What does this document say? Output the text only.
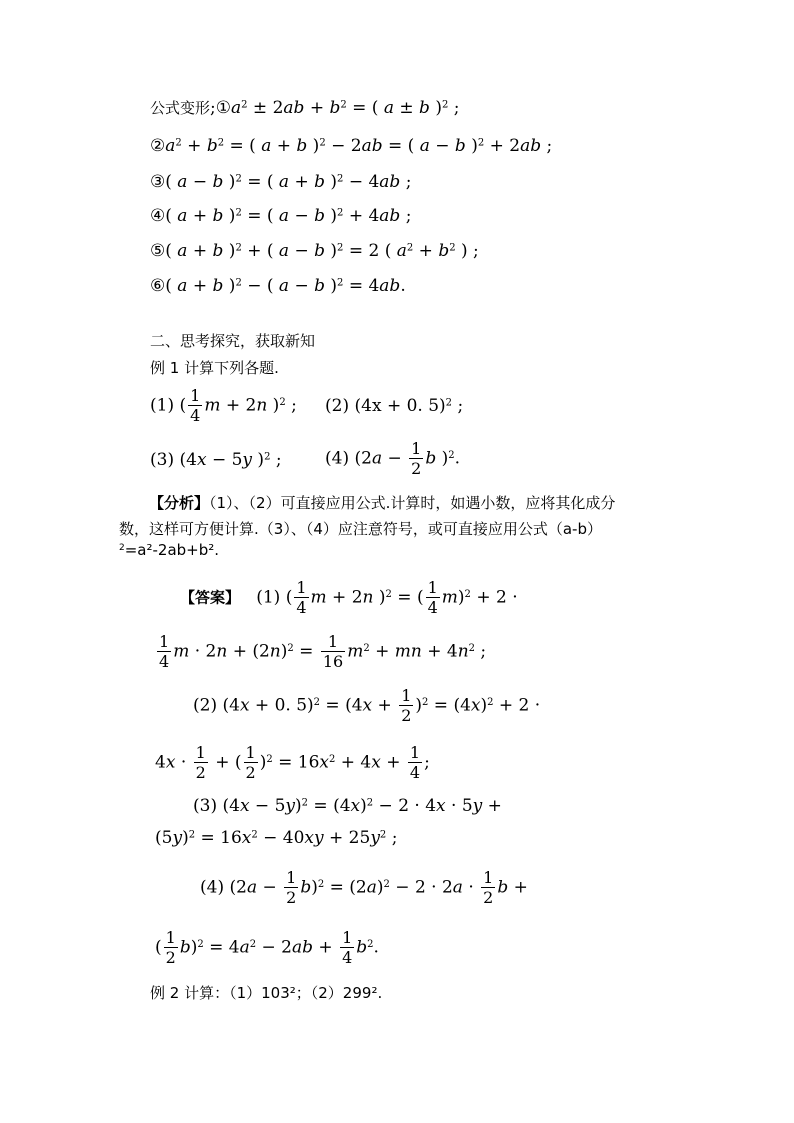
公式变形$;①a^2 \pm 2ab + b^2$ = ( a ± b )$^2$ ;
$②a^2 + b^2$ = ( a + b )$^2$ − 2ab = ( a − b )$^2$ + 2ab ;
③( a − b )$^2$ = ( a + b )$^2$ − 4ab ;
④( a + b )$^2$ = ( a − b )$^2$ + 4ab ;
⑤( a + b )$^2$ + ( a − b )$^2$ = 2 ( $a^2 + b^2$ ) ;
⑥( a + b )$^2$ − ( a − b )$^2$ = 4ab.
二、思考探究，获取新知
例 1 计算下列各题.
(1) ( $\frac{1}{4}$ m + 2n )$^2$ ; (2) (4x + 0. 5)$^2$ ;
(3) (4x − 5y )$^2$ ;	(4) ($2a - \frac{1}{2}$ b )$^2$.
【分析】（1）、（2）可直接应用公式.计算时，如遇小数，应将其化成分
数，这样可方便计算.（3）、（4）应注意符号，或可直接应用公式（a-b）
$^2$=a²-2ab+b².
【答案】   (1) ( $\frac{1}{4}$ m + 2n )$^2$ = ( $\frac{1}{4} m)^2 + 2$ ·
$\frac{1}{4}$ $m \cdot 2n + (2n)^2 = \frac{1}{16} m^2$ + mn + $4n^2$ ;
(2) (4x + 0. $5)^2 = (4x + \frac{1}{2} )^2 = (4x)^2 + 2$ ·
$4x \cdot \frac{1}{2}$ + ( $\frac{1}{2} )^2 = 16x^2 + 4x + \frac{1}{4}$ ;
(3) $(4x - 5y)^2 = (4x)^2 - 2 \cdot 4x \cdot 5y$ +
$(5y)^2 = 16x^2 - 40xy + 25y^2$ ;
(4) $(2a - \frac{1}{2} b)^2 = (2a)^2 - 2 \cdot 2a \cdot \frac{1}{2}$ b +
( $\frac{1}{2} b)^2 = 4a^2 - 2ab + \frac{1}{4} b^2$.
例 2 计算：（1）103²；（2）299².
